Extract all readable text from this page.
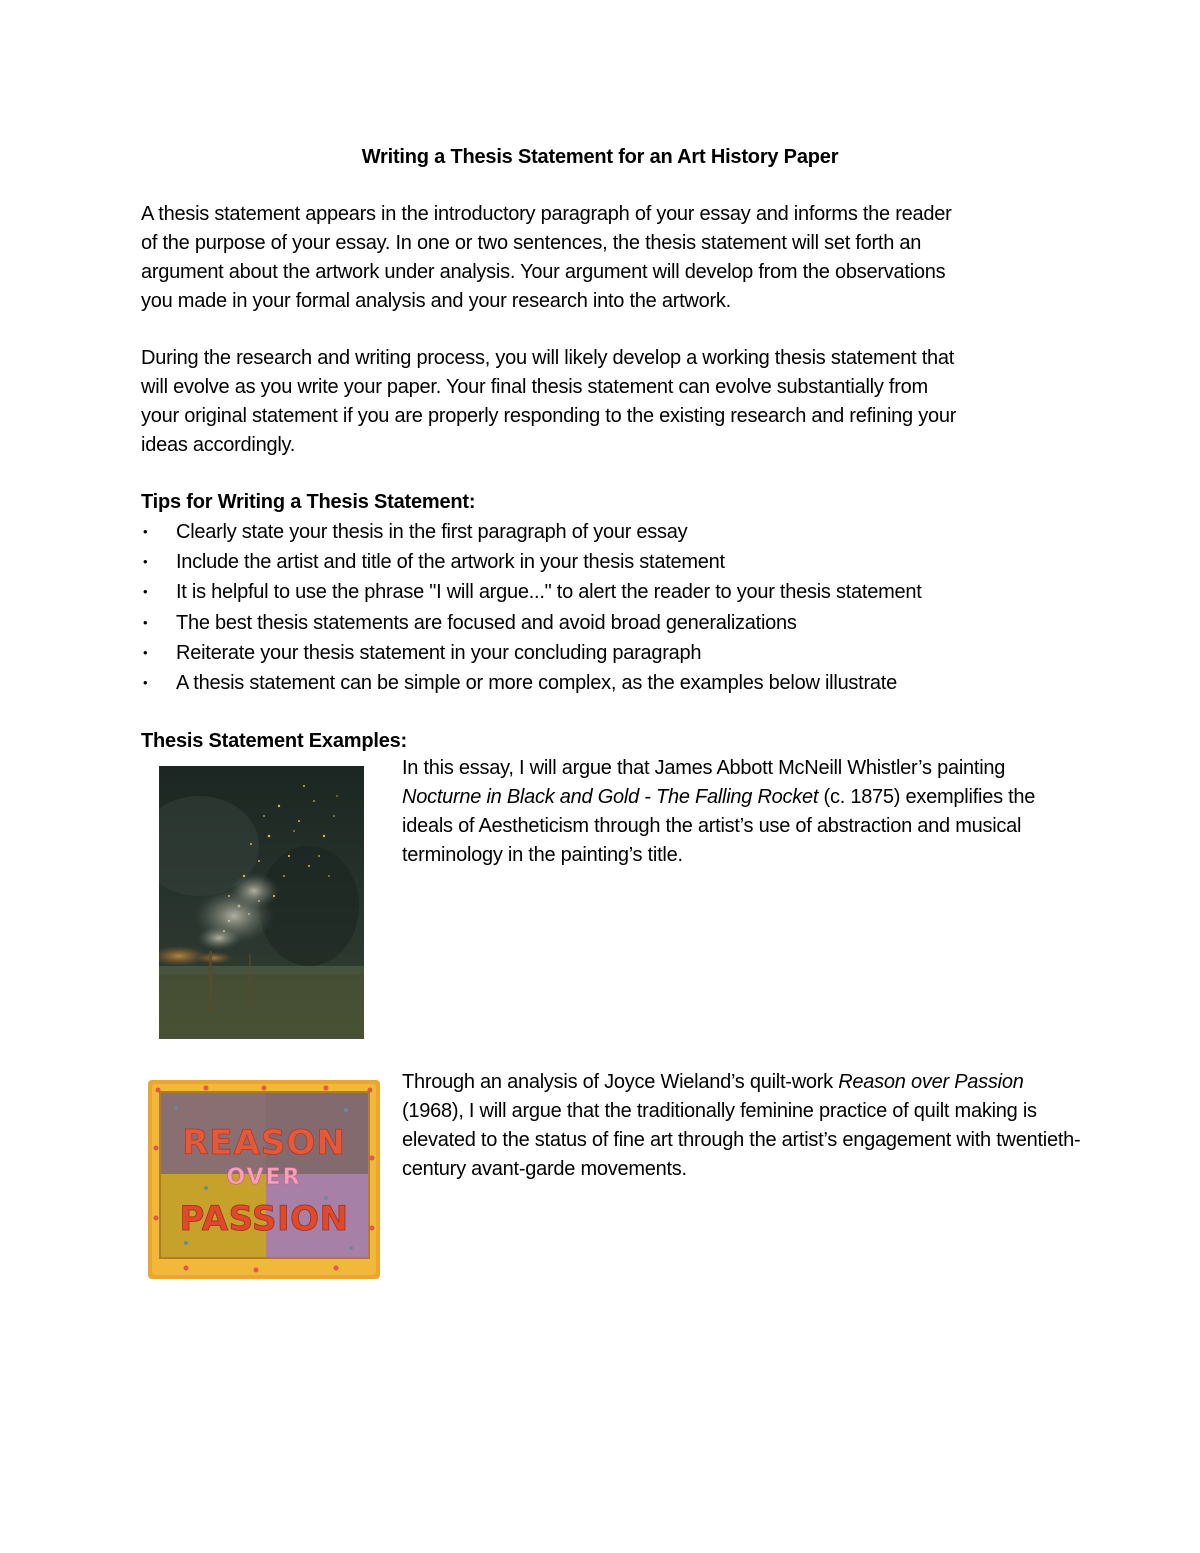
Writing a Thesis Statement for an Art History Paper

A thesis statement appears in the introductory paragraph of your essay and informs the reader

of the purpose of your essay. In one or two sentences, the thesis statement will set forth an

argument about the artwork under analysis. Your argument will develop from the observations

you made in your formal analysis and your research into the artwork.

During the research and writing process, you will likely develop a working thesis statement that

will evolve as you write your paper. Your final thesis statement can evolve substantially from

your original statement if you are properly responding to the existing research and refining your

ideas accordingly.

Tips for Writing a Thesis Statement:
• Clearly state your thesis in the first paragraph of your essay
• Include the artist and title of the artwork in your thesis statement
• It is helpful to use the phrase "I will argue..." to alert the reader to your thesis statement
• The best thesis statements are focused and avoid broad generalizations
• Reiterate your thesis statement in your concluding paragraph
• A thesis statement can be simple or more complex, as the examples below illustrate
Thesis Statement Examples:
In this essay, I will argue that James Abbott McNeill Whistler’s painting Nocturne in Black and Gold - The Falling Rocket (c. 1875) exemplifies the ideals of Aestheticism through the artist’s use of abstraction and musical terminology in the painting’s title.
REASON
OVER
PASSION
Through an analysis of Joyce Wieland’s quilt-work Reason over Passion (1968), I will argue that the traditionally feminine practice of quilt making is elevated to the status of fine art through the artist’s engagement with twentieth-century avant-garde movements.
